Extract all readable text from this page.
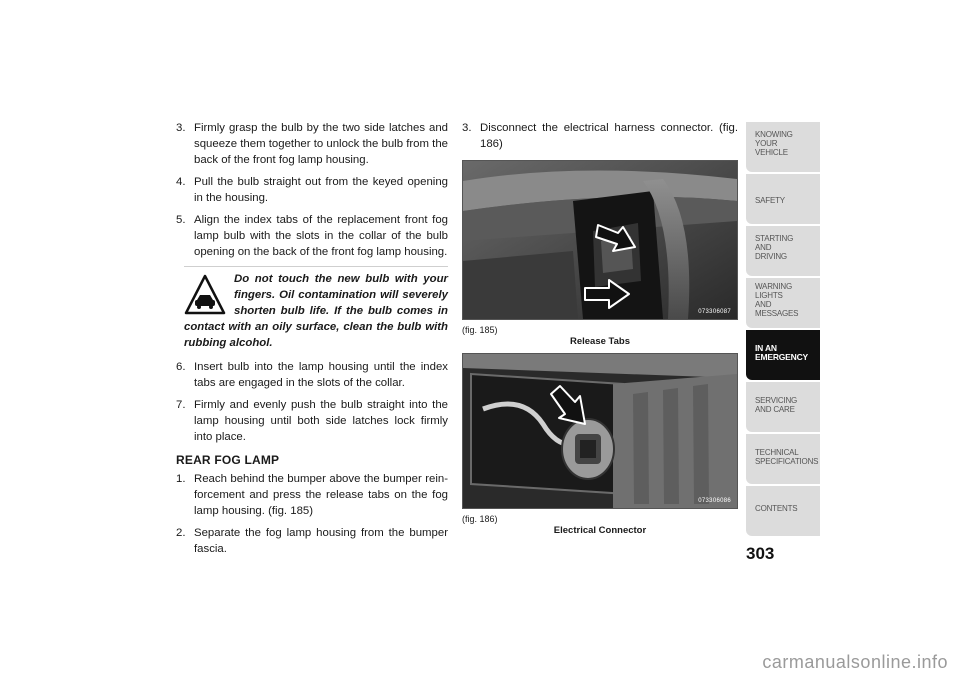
3. Firmly grasp the bulb by the two side latches and squeeze them together to unlock the bulb from the back of the front fog lamp housing.

4. Pull the bulb straight out from the keyed opening in the housing.

5. Align the index tabs of the replacement front fog lamp bulb with the slots in the collar of the bulb opening on the back of the front fog lamp housing.

Do not touch the new bulb with your fingers. Oil contamination will severely shorten bulb life. If the bulb comes in contact with an oily surface, clean the bulb with rubbing alcohol.

6. Insert bulb into the lamp housing until the index tabs are engaged in the slots of the collar.

7. Firmly and evenly push the bulb straight into the lamp housing until both side latches lock firmly into place.

REAR FOG LAMP

1. Reach behind the bumper above the bumper rein- forcement and press the release tabs on the fog lamp housing. (fig. 185)

2. Separate the fog lamp housing from the bumper fascia.

3. Disconnect the electrical harness connector. (fig. 186)

073306087
(fig. 185)
Release Tabs
073306086
(fig. 186)
Electrical Connector
KNOWING
YOUR
VEHICLE
SAFETY
STARTING
AND
DRIVING
WARNING
LIGHTS
AND
MESSAGES
IN AN
EMERGENCY
SERVICING
AND CARE
TECHNICAL
SPECIFICATIONS
CONTENTS
303
carmanualsonline.info
